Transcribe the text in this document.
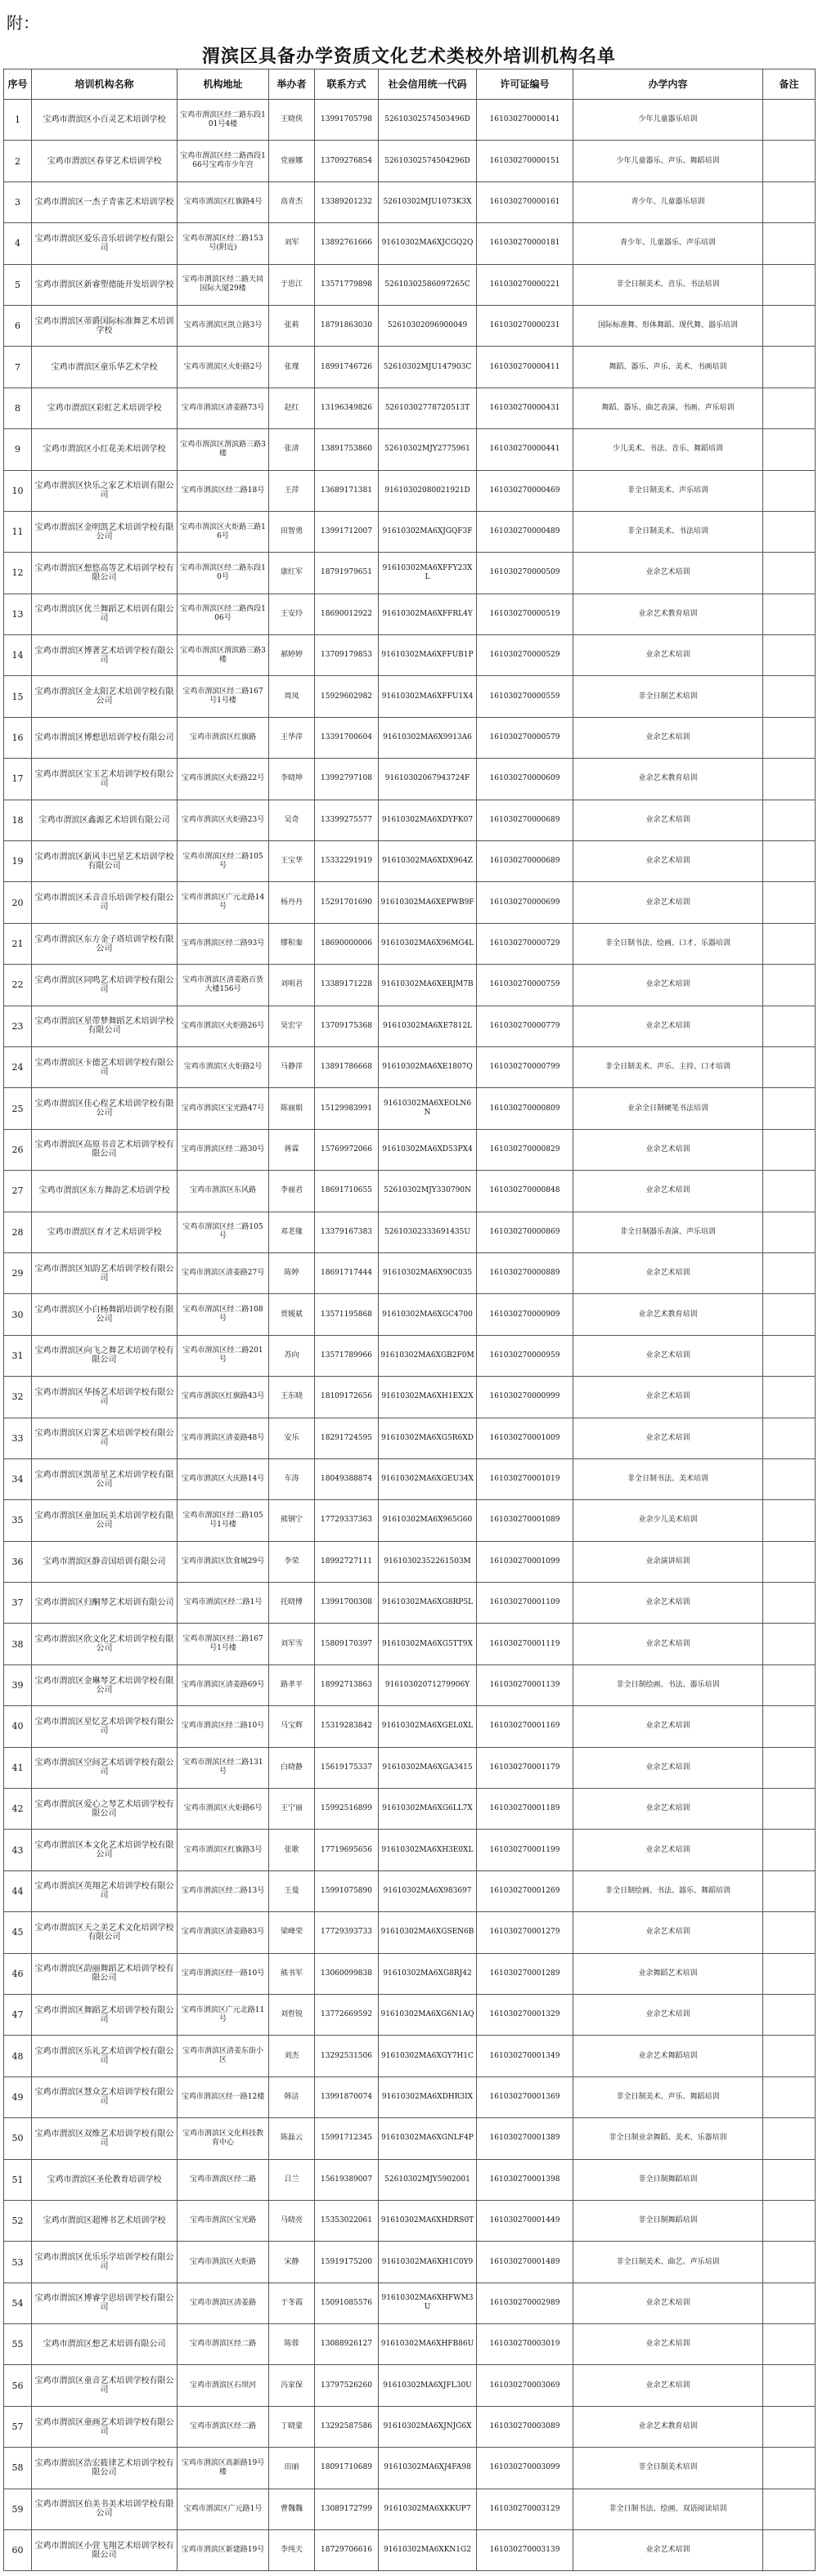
附：
渭滨区具备办学资质文化艺术类校外培训机构名单
序号	培训机构名称	机构地址	举办者	联系方式	社会信用统一代码	许可证编号	办学内容	备注
1	宝鸡市渭滨区小百灵艺术培训学校	宝鸡市渭滨区经二路东段101号4楼	王晓侠	13991705798	52610302574503496D	161030270000141	少年儿童器乐培训	
2	宝鸡市渭滨区春芽艺术培训学校	宝鸡市渭滨区经二路西段166号宝鸡市少年宫	党丽娜	13709276854	52610302574504296D	161030270000151	少年儿童器乐、声乐、舞蹈培训	
3	宝鸡市渭滨区一杰子青雀艺术培训学校	宝鸡市渭滨区红旗路4号	高青杰	13389201232	52610302MJU1073K3X	161030270000161	青少年、儿童器乐培训	
4	宝鸡市渭滨区爱乐音乐培训学校有限公司	宝鸡市渭滨区经二路153号(附近)	刘军	13892761666	91610302MA6XJCGQ2Q	161030270000181	青少年、儿童器乐、声乐培训	
5	宝鸡市渭滨区新睿塑德能开发培训学校	宝鸡市渭滨区经二路天同国际大厦29楼	于思江	13571779898	52610302586097265C	161030270000221	非全日制美术、音乐、书法培训	
6	宝鸡市渭滨区蒂爵国际标准舞艺术培训学校	宝鸡市渭滨区凯立路3号	张莉	18791863030	52610302096900049	161030270000231	国际标准舞、形体舞蹈、现代舞、器乐培训	
7	宝鸡市渭滨区童乐华艺术学校	宝鸡市渭滨区火炬路2号	张瑾	18991746726	52610302MJU147903C	161030270000411	舞蹈、器乐、声乐、美术、书画培训	
8	宝鸡市渭滨区彩虹艺术培训学校	宝鸡市渭滨区清姜路73号	赵红	13196349826	52610302778720513T	161030270000431	舞蹈、器乐、曲艺表演、书画、声乐培训	
9	宝鸡市渭滨区小红花美术培训学校	宝鸡市渭滨区渭滨路三路3楼	张清	13891753860	52610302MJY2775961	161030270000441	少儿美术、书法、音乐、舞蹈培训	
10	宝鸡市渭滨区快乐之家艺术培训有限公司	宝鸡市渭滨区经二路18号	王萍	13689171381	91610302080021921D	161030270000469	非全日制美术、声乐培训	
11	宝鸡市渭滨区金明凯艺术培训学校有限公司	宝鸡市渭滨区火炬路三路16号	田智勇	13991712007	91610302MA6XJGQF3F	161030270000489	非全日制美术、书法培训	
12	宝鸡市渭滨区想悠高等艺术培训学校有限公司	宝鸡市渭滨区经二路东段10号	康红军	18791979651	91610302MA6XFFY23XL	161030270000509	业余艺术培训	
13	宝鸡市渭滨区优兰舞蹈艺术培训有限公司	宝鸡市渭滨区经二路西段106号	王安玲	18690012922	91610302MA6XFFRL4Y	161030270000519	业余艺术教育培训	
14	宝鸡市渭滨区博著艺术培训学校有限公司	宝鸡市渭滨区渭滨路三路3楼	郝婷婷	13709179853	91610302MA6XFFUB1P	161030270000529	业余艺术培训	
15	宝鸡市渭滨区金太阳艺术培训学校有限公司	宝鸡市渭滨区经二路167号1号楼	周凤	15929602982	91610302MA6XFFU1X4	161030270000559	非全日制艺术培训	
16	宝鸡市渭滨区博想思培训学校有限公司	宝鸡市渭滨区红旗路	王华萍	13391700604	91610302MA6X9913A6	161030270000579	业余艺术培训	
17	宝鸡市渭滨区宝玉艺术培训学校有限公司	宝鸡市渭滨区火炬路22号	李晓坤	13992797108	91610302067943724F	161030270000609	业余艺术教育培训	
18	宝鸡市渭滨区鑫源艺术培训有限公司	宝鸡市渭滨区火炬路23号	吴奇	13399275577	91610302MA6XDYFK07	161030270000689	业余艺术培训	
19	宝鸡市渭滨区新风丰巴星艺术培训学校有限公司	宝鸡市渭滨区经二路105号	王宝华	15332291919	91610302MA6XDX964Z	161030270000689	业余艺术培训	
20	宝鸡市渭滨区禾音音乐培训学校有限公司	宝鸡市渭滨区广元北路14号	杨丹丹	15291701690	91610302MA6XEPWB9F	161030270000699	业余艺术培训	
21	宝鸡市渭滨区东方金子塔培训学校有限公司	宝鸡市渭滨区经二路93号	缪积秦	18690000006	91610302MA6X96MG4L	161030270000729	非全日制书法、绘画、口才、乐器培训	
22	宝鸡市渭滨区同鸣艺术培训学校有限公司	宝鸡市渭滨区清姜路百货大楼156号	刘明君	13389171228	91610302MA6XERJM7B	161030270000759	业余艺术培训	
23	宝鸡市渭滨区星带梦舞蹈艺术培训学校有限公司	宝鸡市渭滨区火炬路26号	昊宏宇	13709175368	91610302MA6XE7812L	161030270000779	业余艺术培训	
24	宝鸡市渭滨区卡德艺术培训学校有限公司	宝鸡市渭滨区火炬路2号	马静萍	13891786668	91610302MA6XE1807Q	161030270000799	非全日制美术、声乐、主持、口才培训	
25	宝鸡市渭滨区佳心程艺术培训学校有限公司	宝鸡市渭滨区宝光路47号	陈丽娟	15129983991	91610302MA6XEOLN6N	161030270000809	业余全日制硬笔书法培训	
26	宝鸡市渭滨区高原书音艺术培训学校有限公司	宝鸡市渭滨区经二路30号	蒋霖	15769972066	91610302MA6XD53PX4	161030270000829	业余艺术培训	
27	宝鸡市渭滨区东方舞韵艺术培训学校	宝鸡市渭滨区东风路	李丽君	18691710655	52610302MJY330790N	161030270000848	业余艺术培训	
28	宝鸡市渭滨区育才艺术培训学校	宝鸡市渭滨区经二路105号	邓老缘	13379167383	52610302333691435U	161030270000869	非全日制器乐表演、声乐培训	
29	宝鸡市渭滨区知韵艺术培训学校有限公司	宝鸡市渭滨区清姜路27号	陈婷	18691717444	91610302MA6X90C035	161030270000889	业余艺术培训	
30	宝鸡市渭滨区小白杨舞蹈培训学校有限公司	宝鸡市渭滨区经二路108号	贾媛斌	13571195868	91610302MA6XGC4700	161030270000909	业余艺术教育培训	
31	宝鸡市渭滨区向飞之舞艺术培训学校有限公司	宝鸡市渭滨区经二路201号	苏向	13571789966	91610302MA6XGB2F0M	161030270000959	业余艺术培训	
32	宝鸡市渭滨区华扬艺术培训学校有限公司	宝鸡市渭滨区红旗路43号	王东晓	18109172656	91610302MA6XH1EX2X	161030270000999	业余艺术培训	
33	宝鸡市渭滨区启霁艺术培训学校有限公司	宝鸡市渭滨区清姜路48号	安乐	18291724595	91610302MA6XG5R6XD	161030270001009	业余艺术培训	
34	宝鸡市渭滨区凯蒂星艺术培训学校有限公司	宝鸡市渭滨区大庆路14号	车涛	18049388874	91610302MA6XGEU34X	161030270001019	非全日制书法、美术培训	
35	宝鸡市渭滨区童加玩美术培训学校有限公司	宝鸡市渭滨区经二路105号1号楼	熊钢宁	17729337363	91610302MA6X965G60	161030270001089	业余少儿美术培训	
36	宝鸡市渭滨区静音国培训有限公司	宝鸡市渭滨区饮食城29号	李荣	18992727111	91610302352261503M	161030270001099	业余演讲培训	
37	宝鸡市渭滨区归酮琴艺术培训有限公司	宝鸡市渭滨区经二路1号	托晓博	13991700308	91610302MA6XG8RP5L	161030270001109	业余艺术培训	
38	宝鸡市渭滨区欣文化艺术培训学校有限公司	宝鸡市渭滨区经二路167号1号楼	刘军雪	15809170397	91610302MA6XG5TT9X	161030270001119	业余艺术培训	
39	宝鸡市渭滨区金琳琴艺术培训学校有限公司	宝鸡市渭滨区清姜路69号	路孝平	18992713863	91610302071279906Y	161030270001139	非全日制绘画、书法、器乐培训	
40	宝鸡市渭滨区星忆艺术培训学校有限公司	宝鸡市渭滨区经二路10号	马宝辉	15319283842	91610302MA6XGEL0XL	161030270001169	业余艺术培训	
41	宝鸡市渭滨区空间艺术培训学校有限公司	宝鸡市渭滨区经二路131号	白晓静	15619175337	91610302MA6XGA3415	161030270001179	业余艺术培训	
42	宝鸡市渭滨区爱心之琴艺术培训学校有限公司	宝鸡市渭滨区火炬路6号	王宁丽	15992516899	91610302MA6XG6LL7X	161030270001189	业余艺术培训	
43	宝鸡市渭滨区本文化艺术培训学校有限公司	宝鸡市渭滨区红旗路3号	张歌	17719695656	91610302MA6XH3E0XL	161030270001199	业余艺术培训	
44	宝鸡市渭滨区英翔艺术培训学校有限公司	宝鸡市渭滨区经二路13号	王曼	15991075890	91610302MA6X983697	161030270001269	非全日制绘画、书法、器乐、舞蹈培训	
45	宝鸡市渭滨区天之美艺术文化培训学校有限公司	宝鸡市渭滨区清姜路83号	梁峰荣	17729393733	91610302MA6XGSEN6B	161030270001279	业余艺术培训	
46	宝鸡市渭滨区韵丽舞蹈艺术培训学校有限公司	宝鸡市渭滨区经一路10号	熊书军	13060099838	91610302MA6XG8RJ42	161030270001289	业余舞蹈艺术培训	
47	宝鸡市渭滨区舞蹈艺术培训学校有限公司	宝鸡市渭滨区广元北路11号	刘哲锐	13772669592	91610302MA6XG6N1AQ	161030270001329	业余艺术培训	
48	宝鸡市渭滨区乐礼艺术培训学校有限公司	宝鸡市渭滨区清姜东街小区	刘杰	13292531506	91610302MA6XGY7H1C	161030270001349	业余艺术舞蹈培训	
49	宝鸡市渭滨区慧众艺术培训学校有限公司	宝鸡市渭滨区经一路12楼	韩洁	13991870074	91610302MA6XDHR3IX	161030270001369	非全日制美术、声乐、舞蹈培训	
50	宝鸡市渭滨区双维艺术培训学校有限公司	宝鸡市渭滨区文化科技教育中心	陈磊云	15991712345	91610302MA6XGNLF4P	161030270001389	非全日制业余舞蹈、美术、乐器培训	
51	宝鸡市渭滨区圣伦教育培训学校	宝鸡市渭滨区经二路	吕兰	15619389007	52610302MJY5902001	161030270001398	非全日制舞蹈培训	
52	宝鸡市渭滨区超博书艺术培训学校	宝鸡市渭滨区宝光路	马晓亮	15353022061	91610302MA6XHDRS0T	161030270001449	非全日制舞蹈培训	
53	宝鸡市渭滨区优乐乐学培训学校有限公司	宝鸡市渭滨区火炬路	宋静	15919175200	91610302MA6XH1C0Y9	161030270001489	非全日制美术、曲艺、声乐培训	
54	宝鸡市渭滨区博睿学思培训学校有限公司	宝鸡市渭滨区清姜路	于冬霞	15091085576	91610302MA6XHFWM3U	161030270002989	业余艺术培训	
55	宝鸡市渭滨区想艺术培训有限公司	宝鸡市渭滨区经二路	陈蓉	13088926127	91610302MA6XHFB86U	161030270003019	业余艺术培训	
56	宝鸡市渭滨区童音艺术培训学校有限公司	宝鸡市渭滨区石坝河	冯家保	13797526260	91610302MA6XJFL30U	161030270003069	业余艺术培训	
57	宝鸡市渭滨区童画艺术培训学校有限公司	宝鸡市渭滨区经二路	丁晓蒙	13292587586	91610302MA6XJNJG6X	161030270003089	业余艺术教育培训	
58	宝鸡市渭滨区浩宏筱律艺术培训学校有限公司	宝鸡市渭滨区高新路19号楼	田丽	18091710689	91610302MA6XJ4FA98	161030270003099	非全日制美术培训	
59	宝鸡市渭滨区伯美书美术培训学校有限公司	宝鸡市渭滨区广元路1号	曹魏魏	13089172799	91610302MA6XKKUP7	161030270003129	非全日制书法、绘画、双语阅读培训	
60	宝鸡市渭滨区小萱飞翔艺术培训学校有限公司	宝鸡市渭滨区新建路19号	李纯天	18729706616	91610302MA6XKN1G2	161030270003139	业余艺术培训	
